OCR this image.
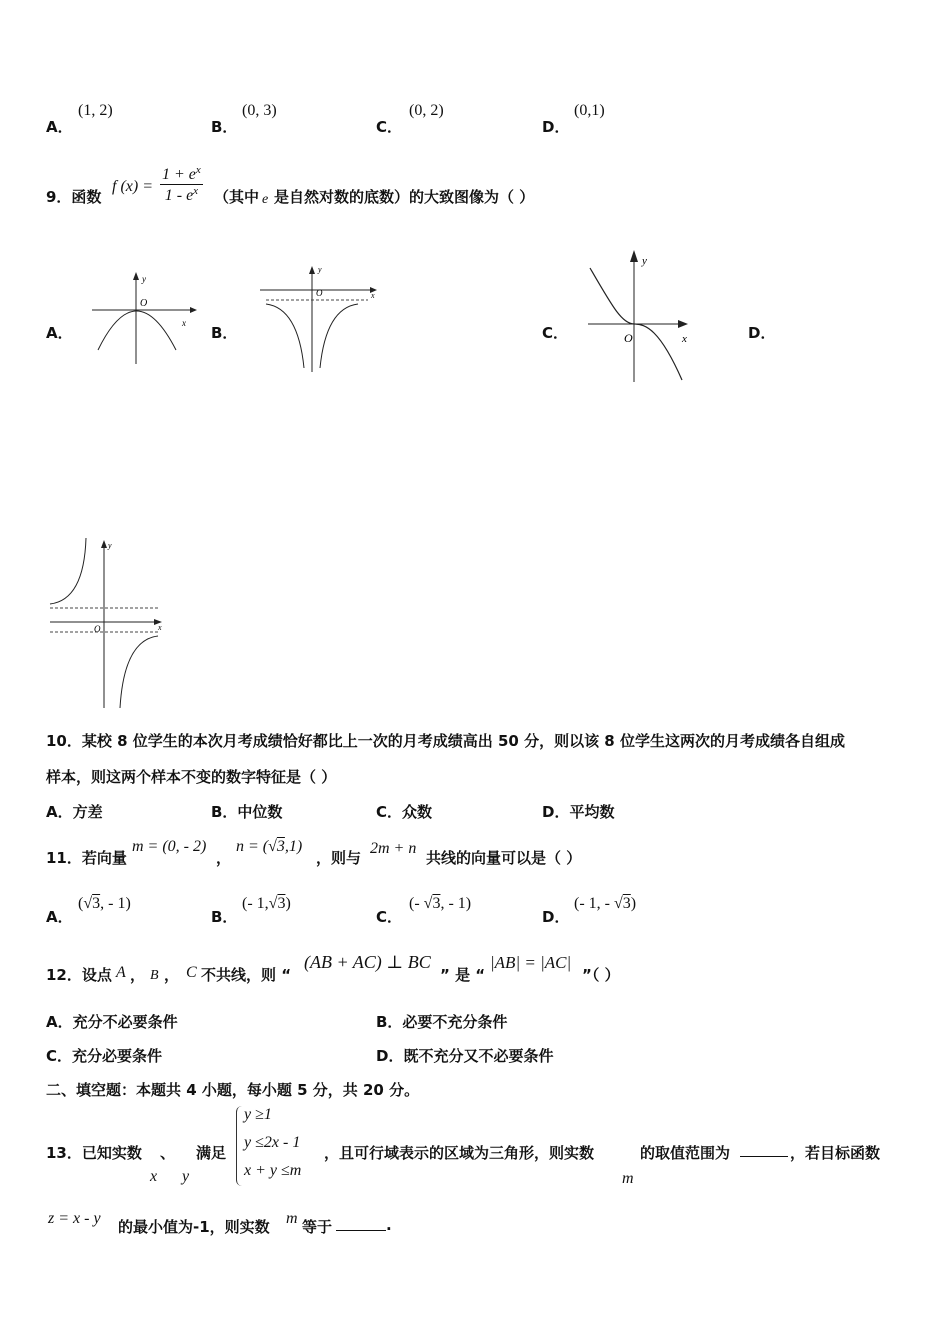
A．
(1, 2)
B．
(0, 3)
C．
(0, 2)
D．
(0,1)
9．函数
f $(x) = \frac{1 + e^x}{1 - e^x}$ （其中 e 是自然对数的底数）的大致图像为（ ）
A．	B．	C．	D．
O
x
y
O	x
y
O	x
y
O	x
y
10．某校 8 位学生的本次月考成绩恰好都比上一次的月考成绩高出 50 分，则以该 8 位学生这两次的月考成绩各自组成
样本，则这两个样本不变的数字特征是（ ）
A．方差	B．中位数	C．众数	D．平均数
11．若向量
m = (0, - 2)
，
n = (√3,1)
，则与
2m + n
共线的向量可以是（ ）
A．
(√3, - 1)
B．
(- 1,√3)
C．
(- √3, - 1)
D．
(- 1, - √3)
12．设点 A ， B ， C 不共线，则 “
(AB + AC) ⊥ BC
” 是 “
|AB| = |AC|
”（ ）
A．充分不必要条件	B．必要不充分条件
C．充分必要条件	D．既不充分又不必要条件
二、填空题：本题共 4 小题，每小题 5 分，共 20 分。
13．已知实数
x
、
y
满足
y ≥1
y ≤2x - 1
x + y ≤m
，且可行域表示的区域为三角形，则实数
m
的取值范围为	，若目标函数
z = x - y 的最小值为-1，则实数 m 等于	.
